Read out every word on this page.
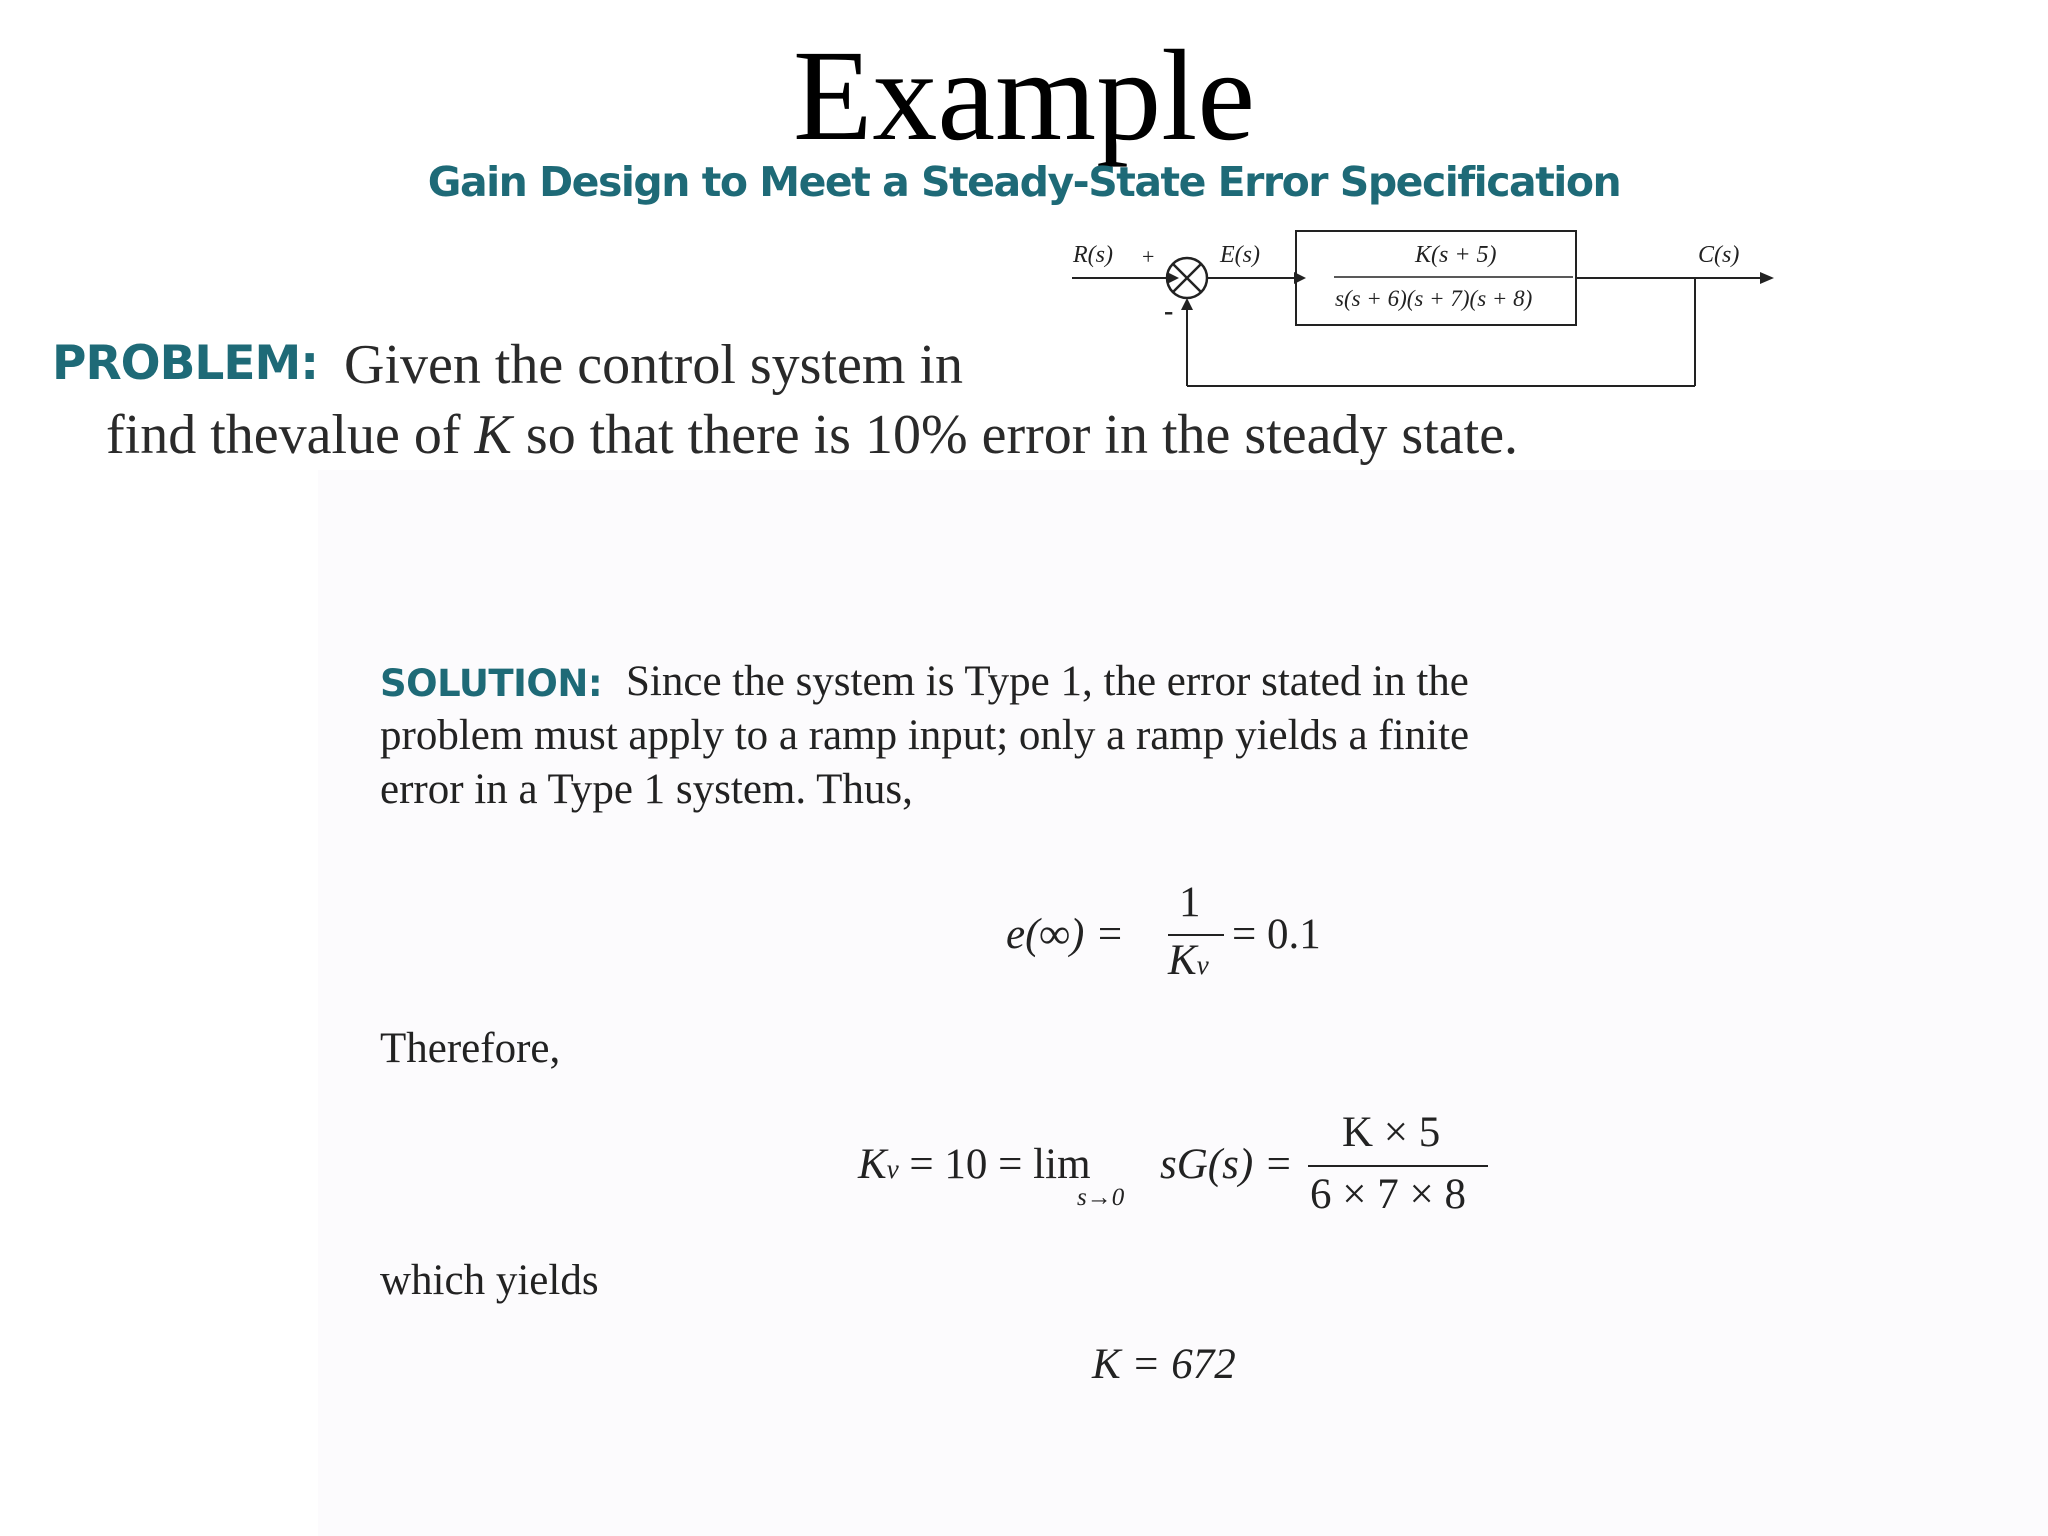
Example
Gain Design to Meet a Steady-State Error Specification
R(s) +
-
E(s)	K(s + 5)
s(s + 6)(s + 7)(s + 8)
C(s)
PROBLEM: Given the control system in
find thevalue of K so that there is 10% error in the steady state.
SOLUTION: Since the system is Type 1, the error stated in the
problem must apply to a ramp input; only a ramp yields a finite
error in a Type 1 system. Thus,
e(∞) =
1
Kv
= 0.1
Therefore,
Kv = 10 = lim
s→0
sG(s) =
K × 5
6 × 7 × 8
which yields
K = 672
